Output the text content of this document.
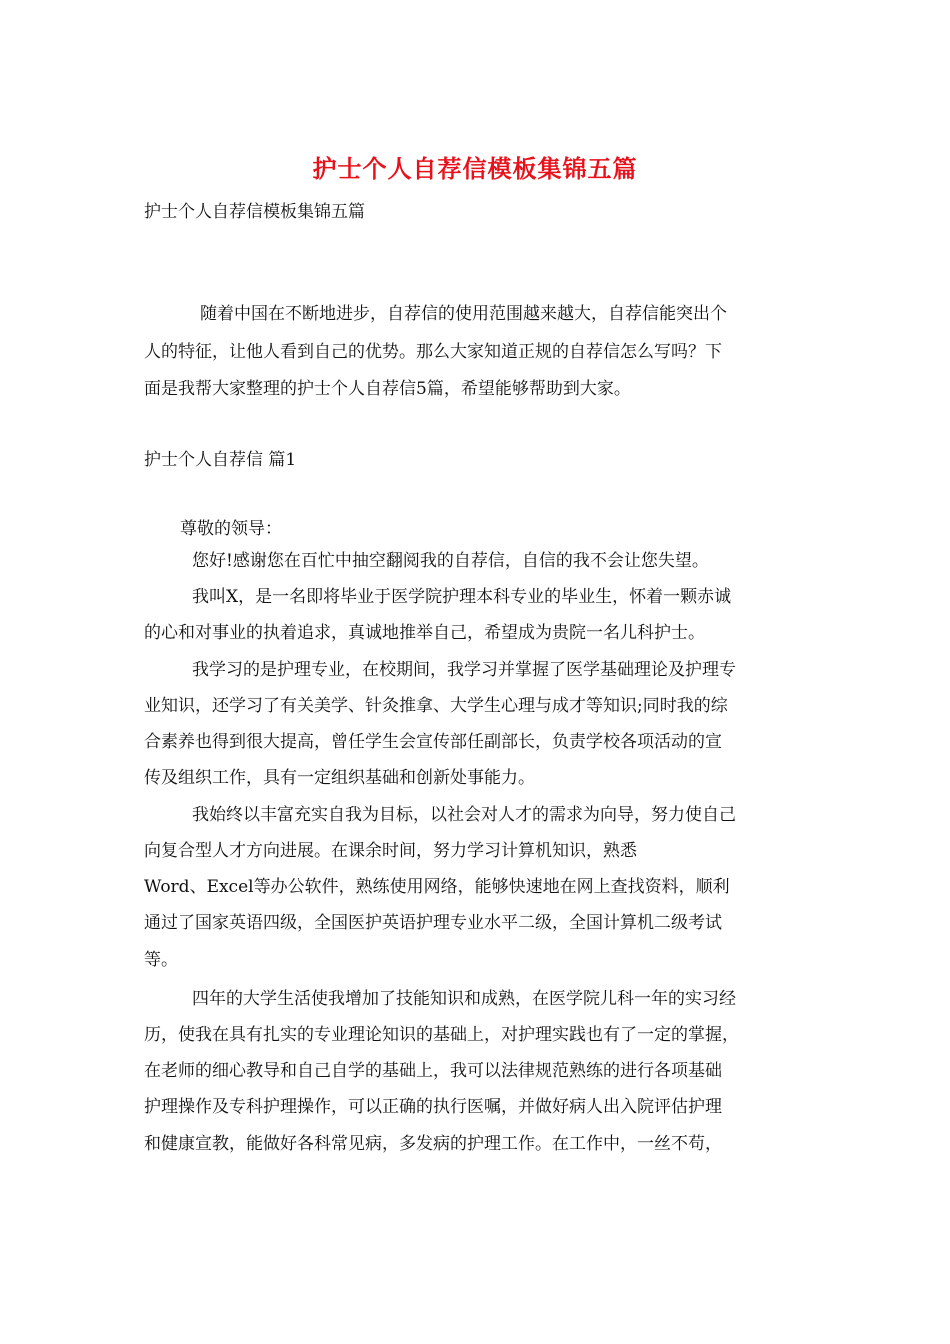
护士个人自荐信模板集锦五篇
护士个人自荐信模板集锦五篇
随着中国在不断地进步，自荐信的使用范围越来越大，自荐信能突出个
人的特征，让他人看到自己的优势。那么大家知道正规的自荐信怎么写吗？下
面是我帮大家整理的护士个人自荐信5篇，希望能够帮助到大家。
护士个人自荐信 篇1
尊敬的领导：
您好!感谢您在百忙中抽空翻阅我的自荐信，自信的我不会让您失望。
我叫X，是一名即将毕业于医学院护理本科专业的毕业生，怀着一颗赤诚
的心和对事业的执着追求，真诚地推举自己，希望成为贵院一名儿科护士。
我学习的是护理专业，在校期间，我学习并掌握了医学基础理论及护理专
业知识，还学习了有关美学、针灸推拿、大学生心理与成才等知识;同时我的综
合素养也得到很大提高，曾任学生会宣传部任副部长，负责学校各项活动的宣
传及组织工作，具有一定组织基础和创新处事能力。
我始终以丰富充实自我为目标，以社会对人才的需求为向导，努力使自己
向复合型人才方向进展。在课余时间，努力学习计算机知识，熟悉
Word、Excel等办公软件，熟练使用网络，能够快速地在网上查找资料，顺利
通过了国家英语四级，全国医护英语护理专业水平二级，全国计算机二级考试
等。
四年的大学生活使我增加了技能知识和成熟，在医学院儿科一年的实习经
历，使我在具有扎实的专业理论知识的基础上，对护理实践也有了一定的掌握，
在老师的细心教导和自己自学的基础上，我可以法律规范熟练的进行各项基础
护理操作及专科护理操作，可以正确的执行医嘱，并做好病人出入院评估护理
和健康宣教，能做好各科常见病，多发病的护理工作。在工作中，一丝不苟，
